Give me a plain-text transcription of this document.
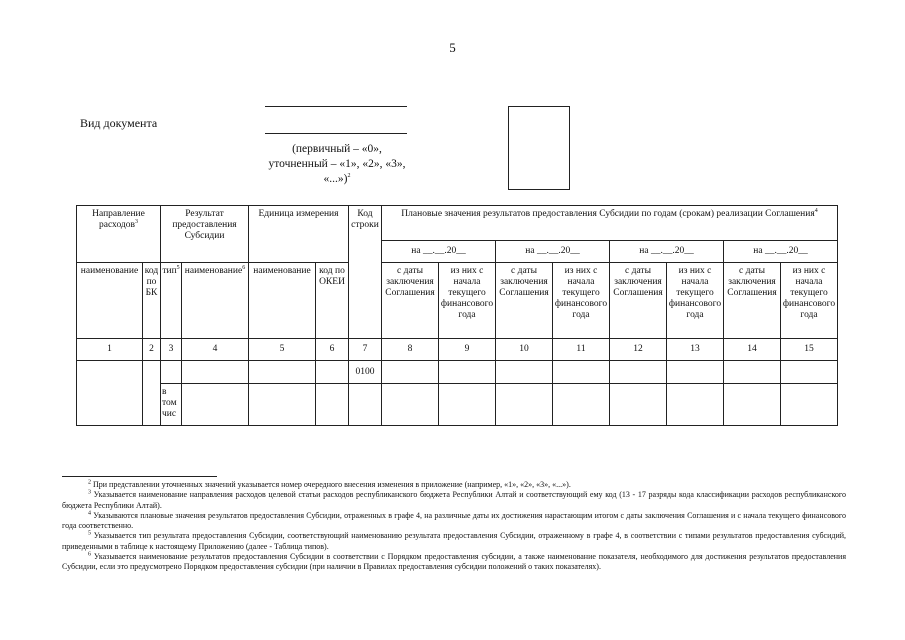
5
Вид документа
(первичный – «0», уточненный – «1», «2», «3», «...»)$^2$
Направление расходов$^3$		Результат предоставления Субсидии		Единица измерения		Код строки	Плановые значения результатов предоставления Субсидии по годам (срокам) реализации Соглашения$^4$
							на __.__.20__		на __.__.20__		на __.__.20__		на __.__.20__	
наименование	код по БК	тип$^5$	наименование$^6$	наименование	код по ОКЕИ		с даты заключения Соглашения	из них с начала текущего финансового года	с даты заключения Соглашения	из них с начала текущего финансового года	с даты заключения Соглашения	из них с начала текущего финансового года	с даты заключения Соглашения	из них с начала текущего финансового года
1	2	3	4	5	6	7	8	9	10	11	12	13	14	15
						0100								
		в том чис												

$^2$ При представлении уточненных значений указывается номер очередного внесения изменения в приложение (например, «1», «2», «3», «...»).

$^3$ Указывается наименование направления расходов целевой статьи расходов республиканского бюджета Республики Алтай и соответствующий ему код (13 - 17 разряды кода классификации расходов республиканского бюджета Республики Алтай).

$^4$ Указываются плановые значения результатов предоставления Субсидии, отраженных в графе 4, на различные даты их достижения нарастающим итогом с даты заключения Соглашения и с начала текущего финансового года соответственно.

$^5$ Указывается тип результата предоставления Субсидии, соответствующий наименованию результата предоставления Субсидии, отраженному в графе 4, в соответствии с типами результатов предоставления субсидий, приведенными в таблице к настоящему Приложению (далее - Таблица типов).

$^6$ Указывается наименование результатов предоставления Субсидии в соответствии с Порядком предоставления субсидии, а также наименование показателя, необходимого для достижения результатов предоставления Субсидии, если это предусмотрено Порядком предоставления субсидии (при наличии в Правилах предоставления субсидии положений о таких показателях).
